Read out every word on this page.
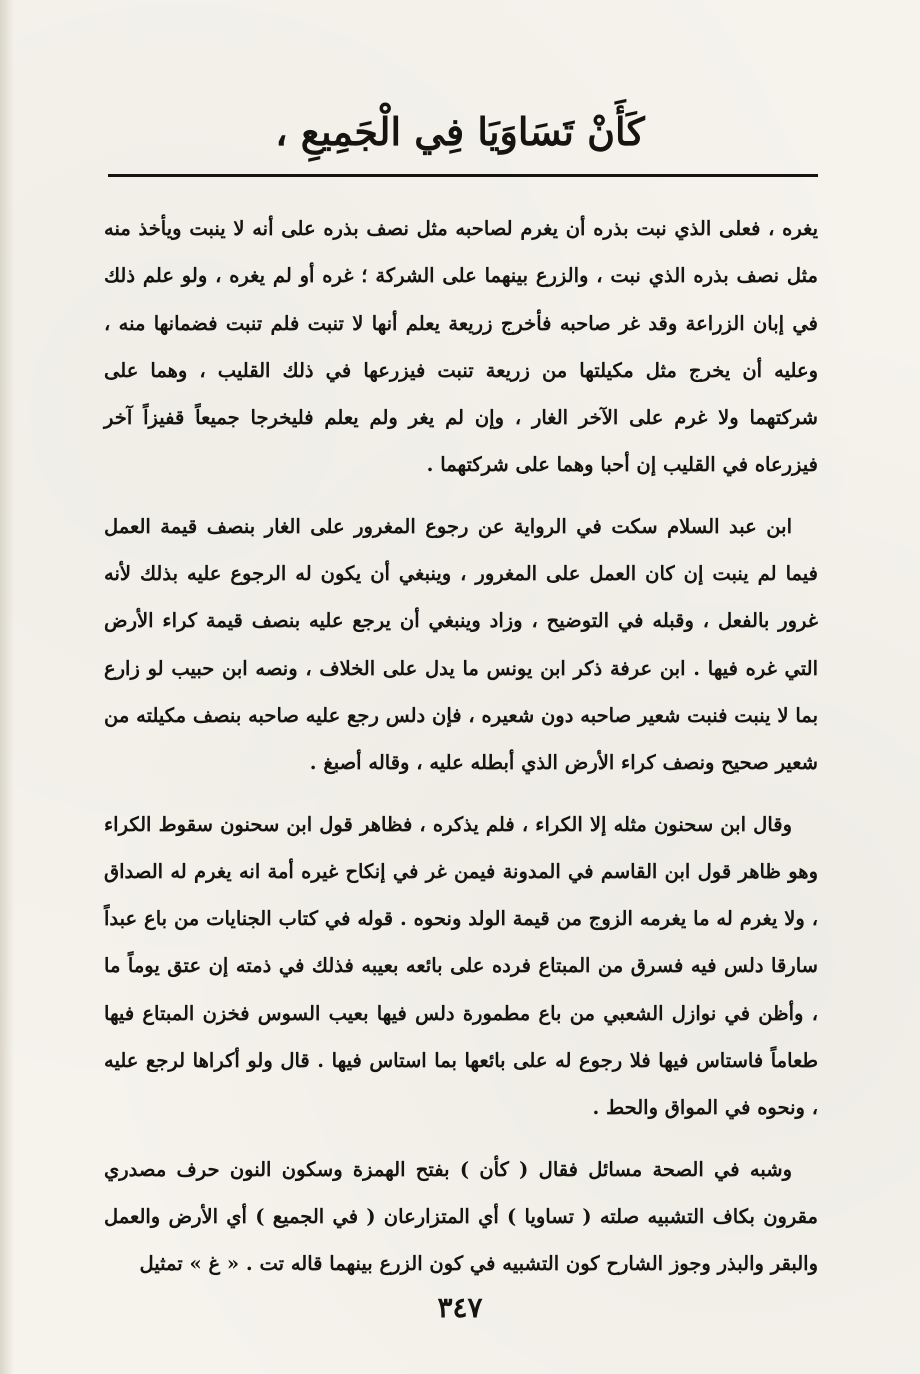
كَأَنْ تَسَاوَيَا فِي الْجَمِيعِ ،

يغره ، فعلى الذي نبت بذره أن يغرم لصاحبه مثل نصف بذره على أنه لا ينبت ويأخذ منه مثل نصف بذره الذي نبت ، والزرع بينهما على الشركة ؛ غره أو لم يغره ، ولو علم ذلك في إبان الزراعة وقد غر صاحبه فأخرج زريعة يعلم أنها لا تنبت فلم تنبت فضمانها منه ، وعليه أن يخرج مثل مكيلتها من زريعة تنبت فيزرعها في ذلك القليب ، وهما على شركتهما ولا غرم على الآخر الغار ، وإن لم يغر ولم يعلم فليخرجا جميعاً قفيزاً آخر فيزرعاه في القليب إن أحبا وهما على شركتهما .

ابن عبد السلام سكت في الرواية عن رجوع المغرور على الغار بنصف قيمة العمل فيما لم ينبت إن كان العمل على المغرور ، وينبغي أن يكون له الرجوع عليه بذلك لأنه غرور بالفعل ، وقبله في التوضيح ، وزاد وينبغي أن يرجع عليه بنصف قيمة كراء الأرض التي غره فيها . ابن عرفة ذكر ابن يونس ما يدل على الخلاف ، ونصه ابن حبيب لو زارع بما لا ينبت فنبت شعير صاحبه دون شعيره ، فإن دلس رجع عليه صاحبه بنصف مكيلته من شعير صحيح ونصف كراء الأرض الذي أبطله عليه ، وقاله أصبغ .

وقال ابن سحنون مثله إلا الكراء ، فلم يذكره ، فظاهر قول ابن سحنون سقوط الكراء وهو ظاهر قول ابن القاسم في المدونة فيمن غر في إنكاح غيره أمة انه يغرم له الصداق ، ولا يغرم له ما يغرمه الزوج من قيمة الولد ونحوه . قوله في كتاب الجنايات من باع عبداً سارقا دلس فيه فسرق من المبتاع فرده على بائعه بعيبه فذلك في ذمته إن عتق يوماً ما ، وأظن في نوازل الشعبي من باع مطمورة دلس فيها بعيب السوس فخزن المبتاع فيها طعاماً فاستاس فيها فلا رجوع له على بائعها بما استاس فيها . قال ولو أكراها لرجع عليه ، ونحوه في المواق والحط .

وشبه في الصحة مسائل فقال ( كأن ) بفتح الهمزة وسكون النون حرف مصدري مقرون بكاف التشبيه صلته ( تساويا ) أي المتزارعان ( في الجميع ) أي الأرض والعمل والبقر والبذر وجوز الشارح كون التشبيه في كون الزرع بينهما قاله تت . « غ » تمثيل

٣٤٧
